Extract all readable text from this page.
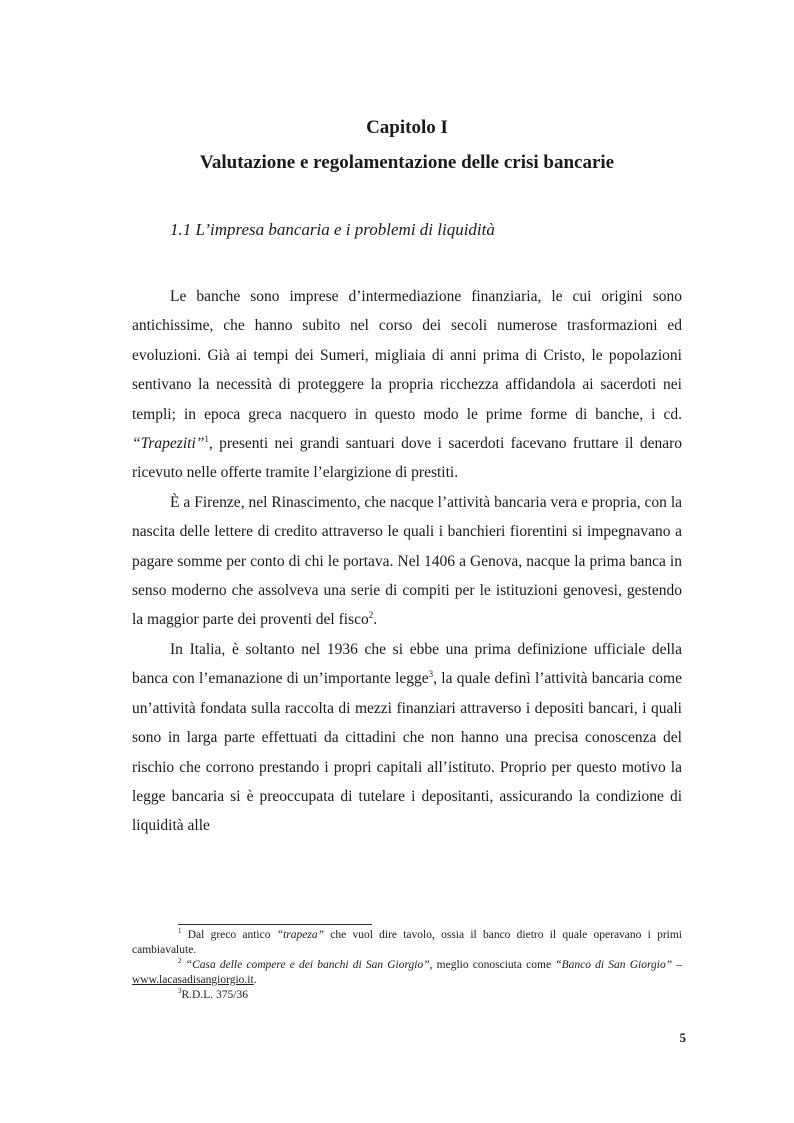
Capitolo I
Valutazione e regolamentazione delle crisi bancarie
1.1 L’impresa bancaria e i problemi di liquidità

Le banche sono imprese d’intermediazione finanziaria, le cui origini sono antichissime, che hanno subito nel corso dei secoli numerose trasformazioni ed evoluzioni. Già ai tempi dei Sumeri, migliaia di anni prima di Cristo, le popolazioni sentivano la necessità di proteggere la propria ricchezza affidandola ai sacerdoti nei templi; in epoca greca nacquero in questo modo le prime forme di banche, i cd. “Trapeziti”$^1$, presenti nei grandi santuari dove i sacerdoti facevano fruttare il denaro ricevuto nelle offerte tramite l’elargizione di prestiti.

È a Firenze, nel Rinascimento, che nacque l’attività bancaria vera e propria, con la nascita delle lettere di credito attraverso le quali i banchieri fiorentini si impegnavano a pagare somme per conto di chi le portava. Nel 1406 a Genova, nacque la prima banca in senso moderno che assolveva una serie di compiti per le istituzioni genovesi, gestendo la maggior parte dei proventi del fisco$^2$.

In Italia, è soltanto nel 1936 che si ebbe una prima definizione ufficiale della banca con l’emanazione di un’importante legge$^3$, la quale definì l’attività bancaria come un’attività fondata sulla raccolta di mezzi finanziari attraverso i depositi bancari, i quali sono in larga parte effettuati da cittadini che non hanno una precisa conoscenza del rischio che corrono prestando i propri capitali all’istituto. Proprio per questo motivo la legge bancaria si è preoccupata di tutelare i depositanti, assicurando la condizione di liquidità alle

$^1$ Dal greco antico “trapeza” che vuol dire tavolo, ossia il banco dietro il quale operavano i primi cambiavalute.

$^2$ “Casa delle compere e dei banchi di San Giorgio”, meglio conosciuta come “Banco di San Giorgio” – www.lacasadisangiorgio.it.

$^3$R.D.L. 375/36

5
